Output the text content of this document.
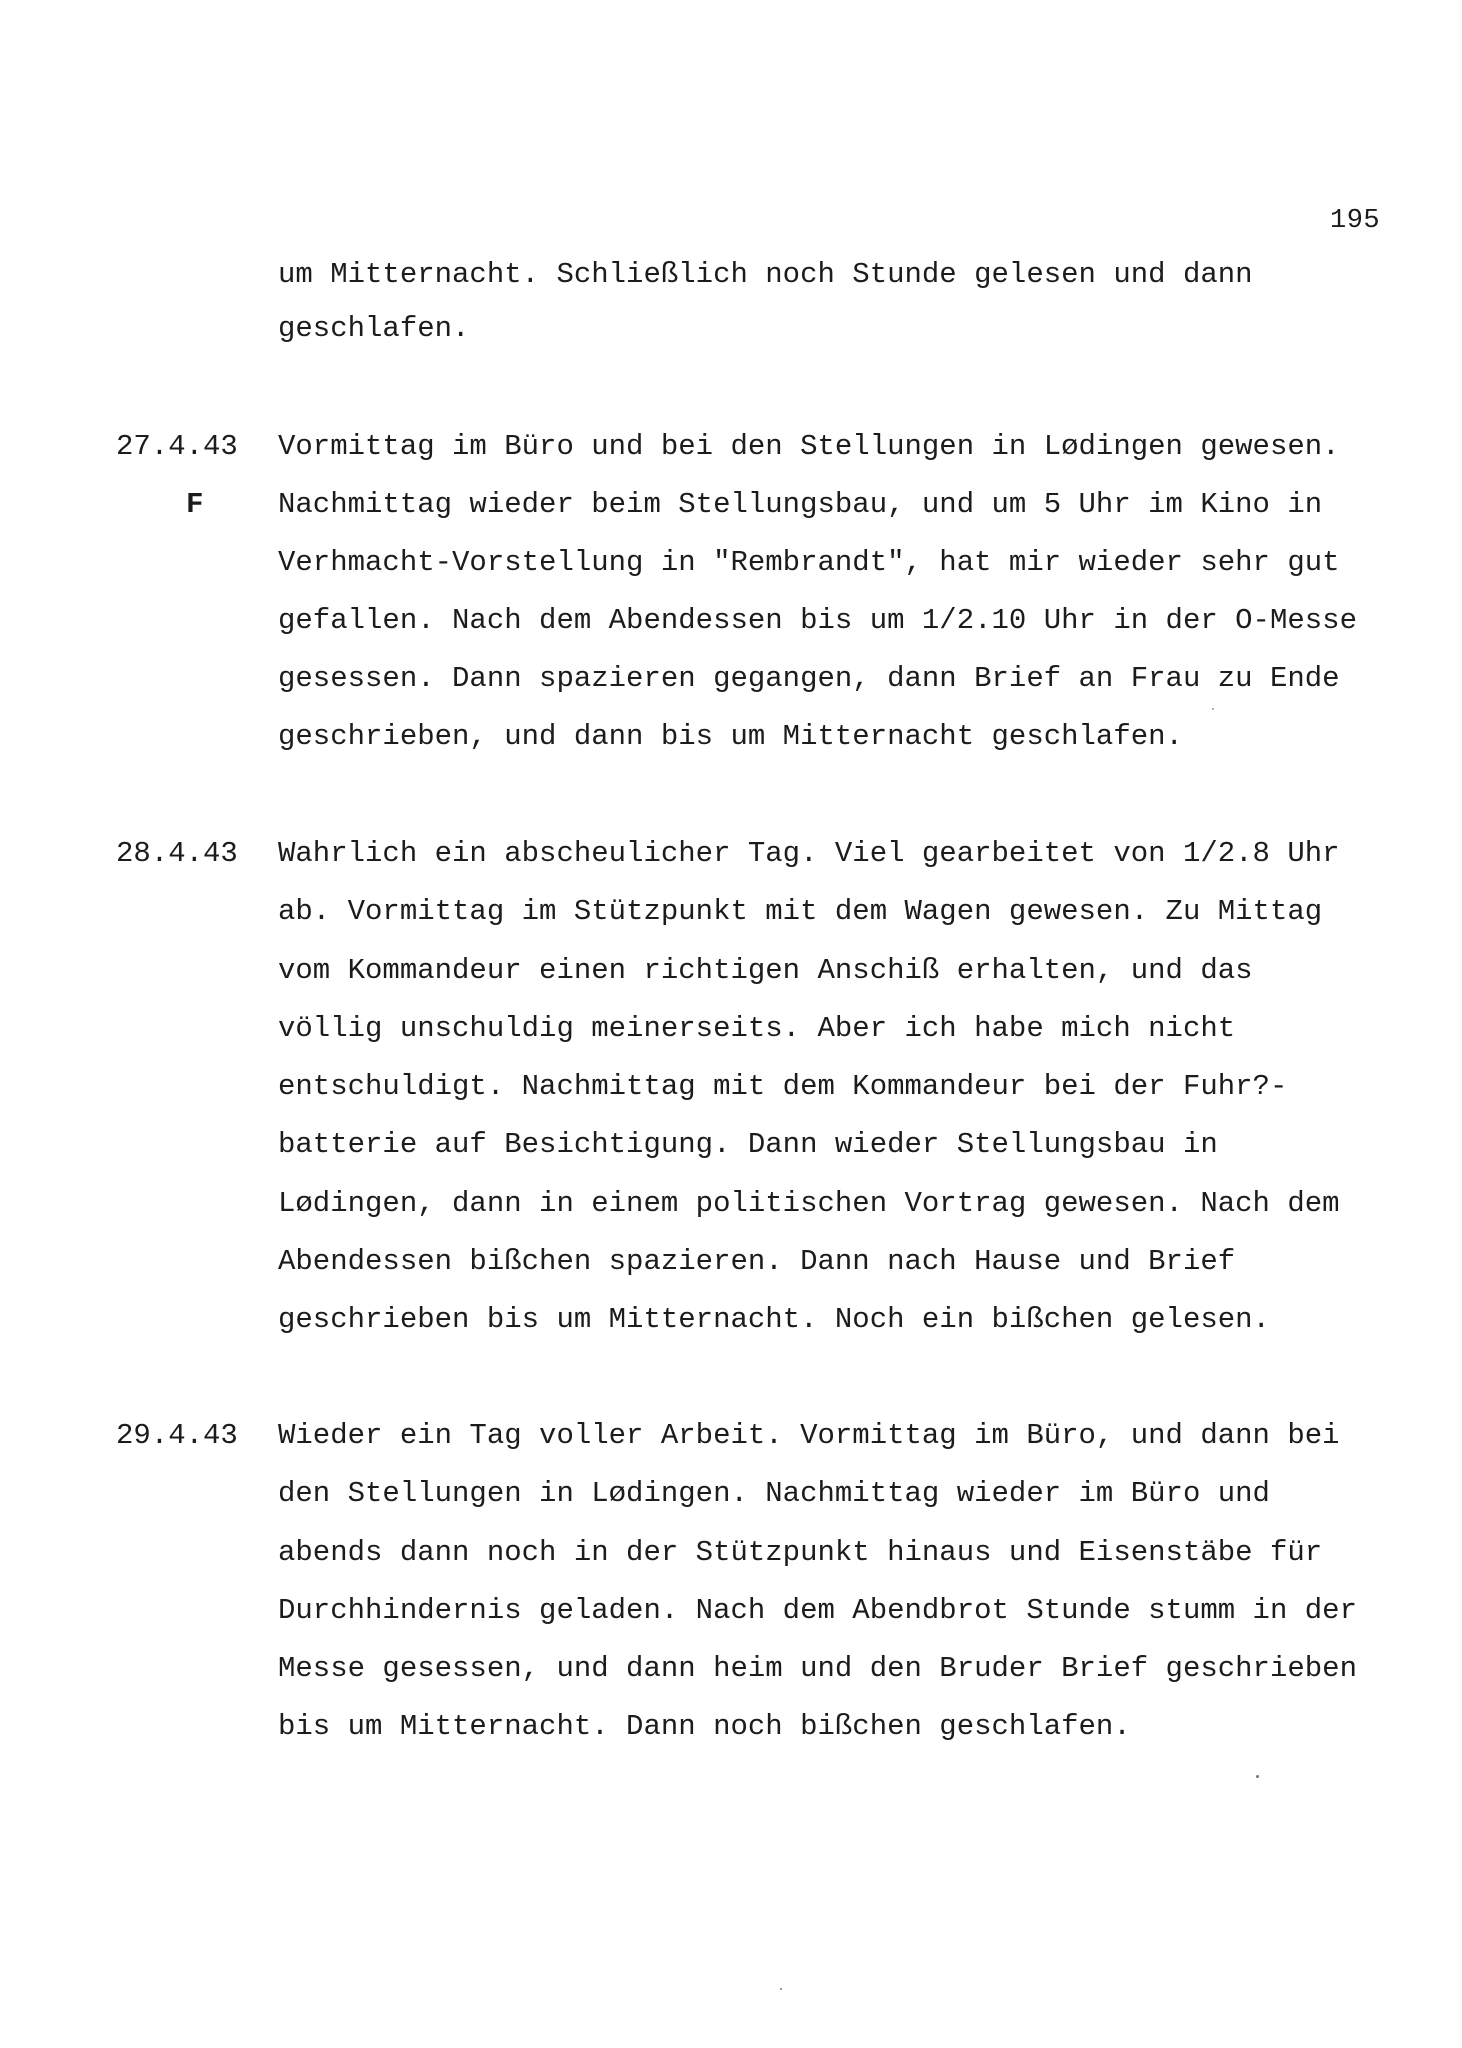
195
um Mitternacht. Schließlich noch Stunde gelesen und dann
geschlafen.
27.4.43
F
Vormittag im Büro und bei den Stellungen in Lødingen gewesen.
Nachmittag wieder beim Stellungsbau, und um 5 Uhr im Kino in
Verhmacht-Vorstellung in "Rembrandt", hat mir wieder sehr gut
gefallen. Nach dem Abendessen bis um 1/2.10 Uhr in der O-Messe
gesessen. Dann spazieren gegangen, dann Brief an Frau zu Ende
geschrieben, und dann bis um Mitternacht geschlafen.
28.4.43 Wahrlich ein abscheulicher Tag. Viel gearbeitet von 1/2.8 Uhr
ab. Vormittag im Stützpunkt mit dem Wagen gewesen. Zu Mittag
vom Kommandeur einen richtigen Anschiß erhalten, und das
völlig unschuldig meinerseits. Aber ich habe mich nicht
entschuldigt. Nachmittag mit dem Kommandeur bei der Fuhr?-
batterie auf Besichtigung. Dann wieder Stellungsbau in
Lødingen, dann in einem politischen Vortrag gewesen. Nach dem
Abendessen bißchen spazieren. Dann nach Hause und Brief
geschrieben bis um Mitternacht. Noch ein bißchen gelesen.
29.4.43 Wieder ein Tag voller Arbeit. Vormittag im Büro, und dann bei
den Stellungen in Lødingen. Nachmittag wieder im Büro und
abends dann noch in der Stützpunkt hinaus und Eisenstäbe für
Durchhindernis geladen. Nach dem Abendbrot Stunde stumm in der
Messe gesessen, und dann heim und den Bruder Brief geschrieben
bis um Mitternacht. Dann noch bißchen geschlafen.
